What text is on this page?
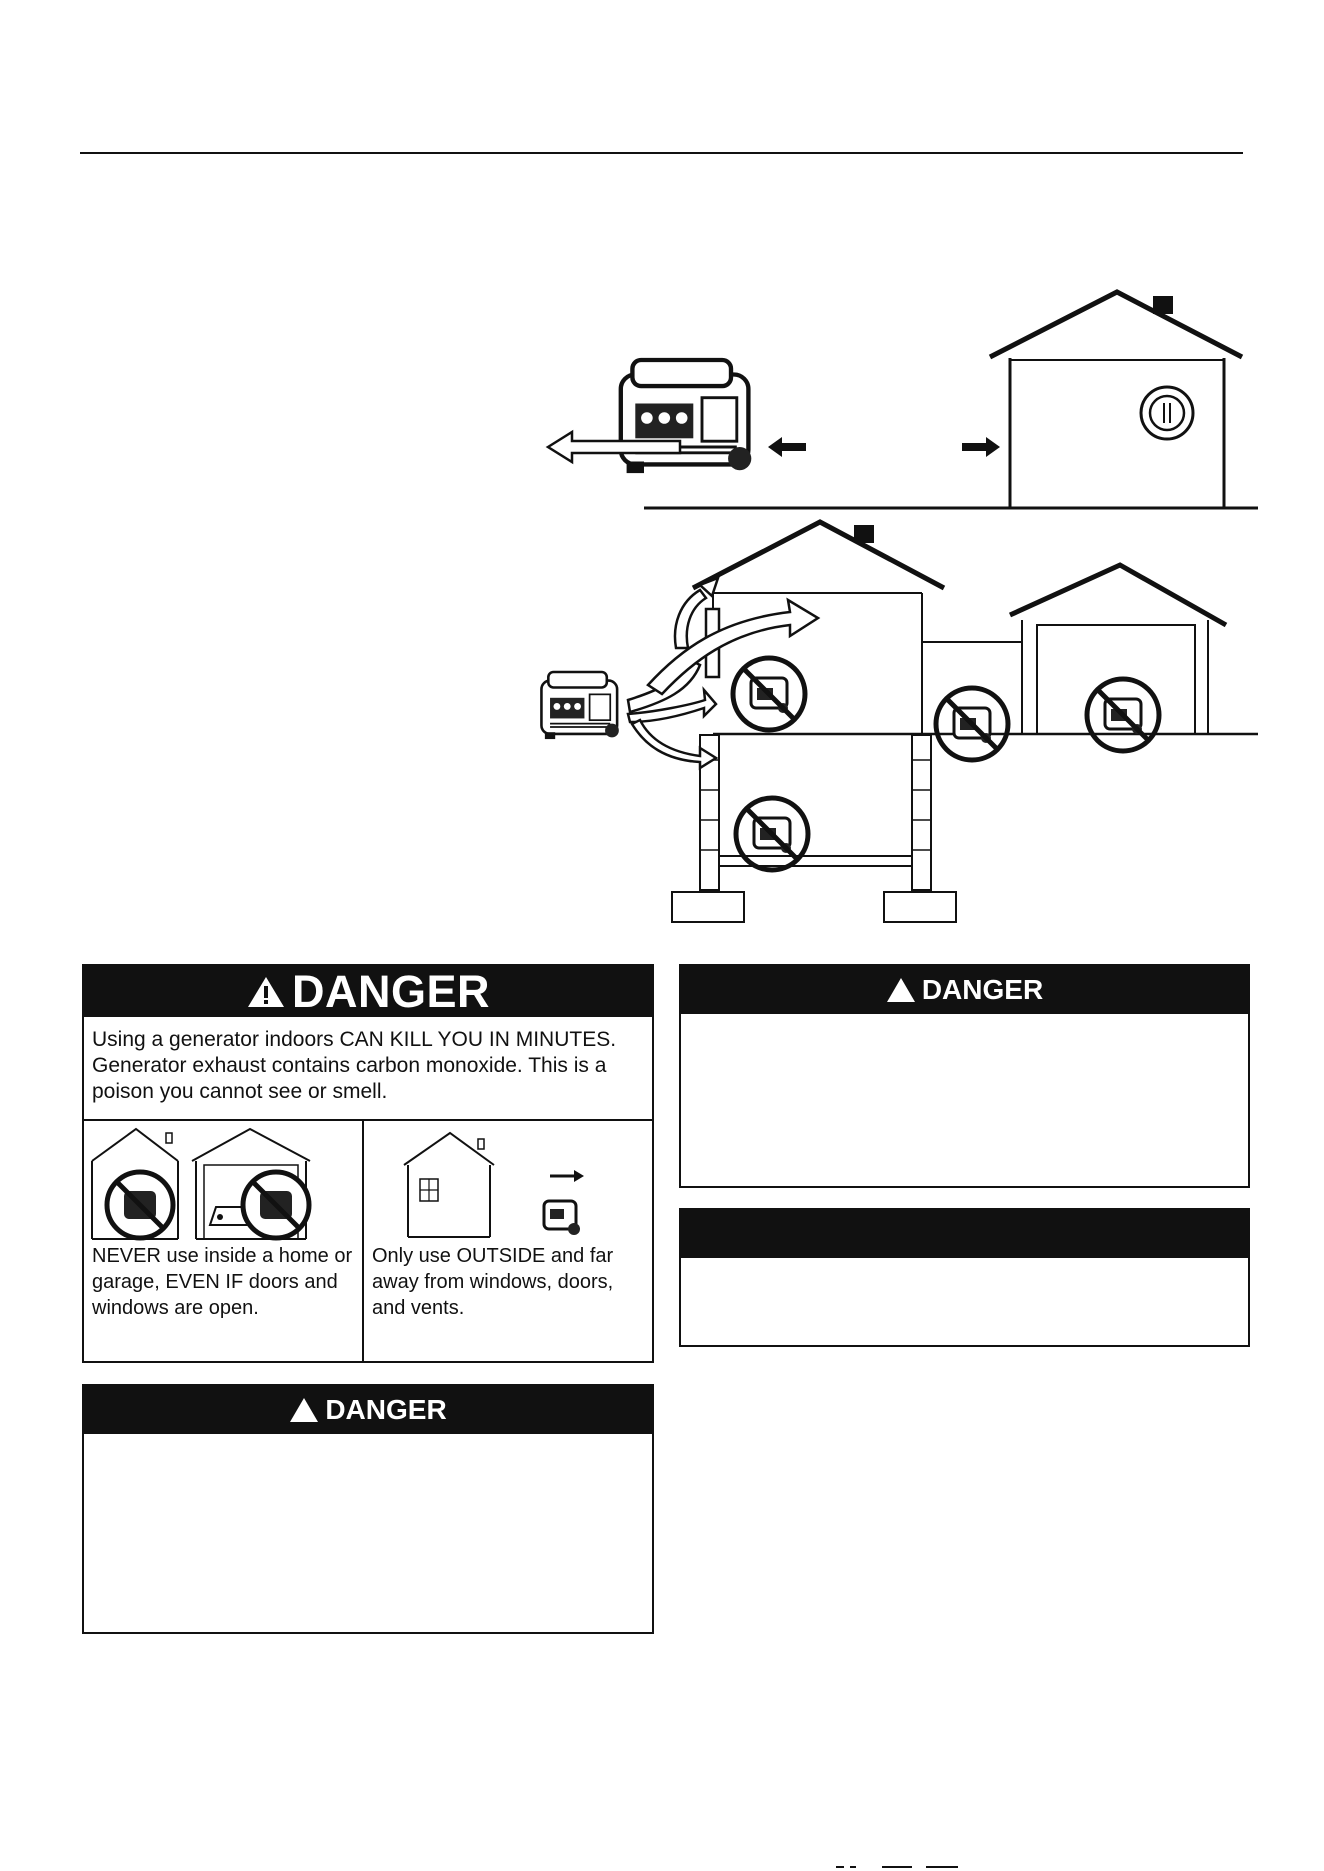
DANGER
Using a generator indoors CAN KILL YOU IN MINUTES. Generator exhaust contains carbon monoxide. This is a poison you cannot see or smell.
NEVER use inside a home or garage, EVEN IF doors and windows are open.
Only use OUTSIDE and far away from windows, doors, and vents.
DANGER
DANGER
